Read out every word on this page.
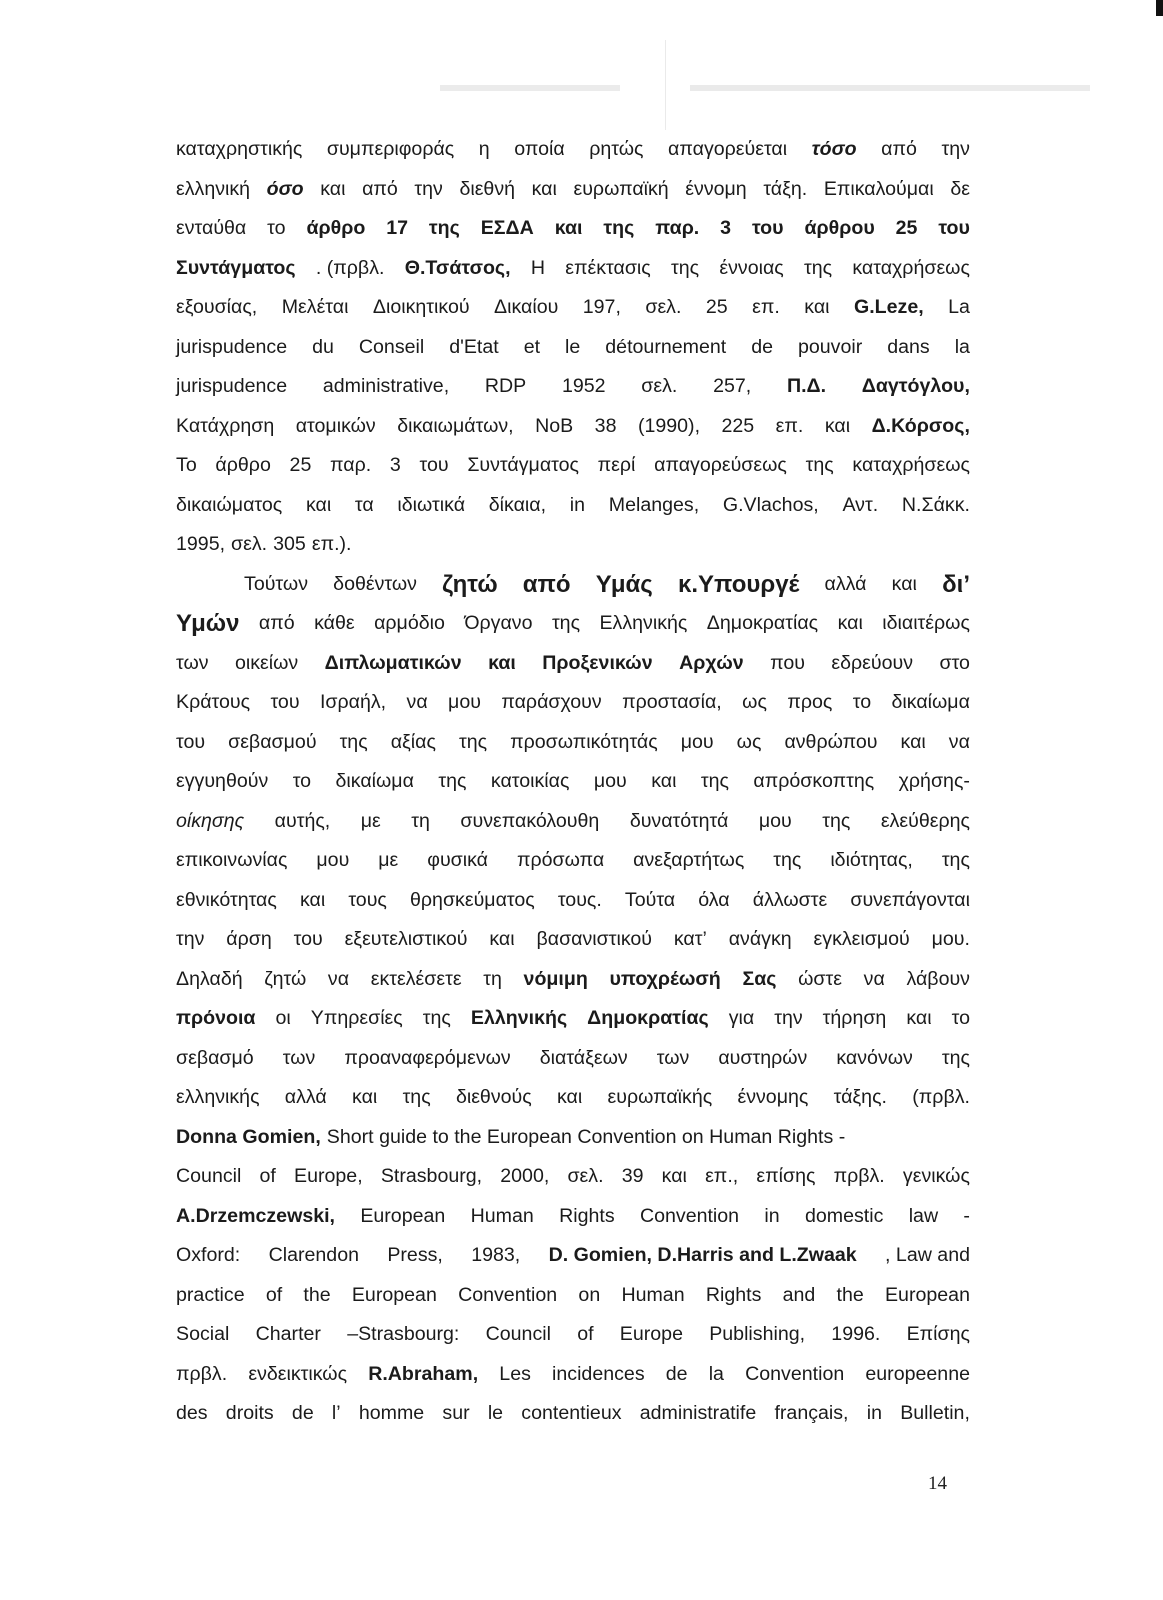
καταχρηστικής συμπεριφοράς η οποία ρητώς απαγορεύεται τόσο από την
ελληνική όσο και από την διεθνή και ευρωπαϊκή έννομη τάξη. Επικαλούμαι δε
ενταύθα το άρθρο 17 της ΕΣΔΑ και της παρ. 3 του άρθρου 25 του
Συντάγματος . (πρβλ. Θ.Τσάτσος, Η επέκτασις της έννοιας της καταχρήσεως
εξουσίας, Μελέται Διοικητικού Δικαίου 197, σελ. 25 επ. και G.Leze, La
jurispudence du Conseil d'Etat et le détournement de pouvoir dans la
jurispudence administrative, RDP 1952 σελ. 257, Π.Δ. Δαγτόγλου,
Κατάχρηση ατομικών δικαιωμάτων, ΝοΒ 38 (1990), 225 επ. και Δ.Κόρσος,
Το άρθρο 25 παρ. 3 του Συντάγματος περί απαγορεύσεως της καταχρήσεως
δικαιώματος και τα ιδιωτικά δίκαια, in Melanges, G.Vlachos, Αντ. Ν.Σάκκ.
1995, σελ. 305 επ.).
Τούτων δοθέντων ζητώ από Υμάς κ.Υπουργέ αλλά και δι’
Υμών από κάθε αρμόδιο Όργανο της Ελληνικής Δημοκρατίας και ιδιαιτέρως
των οικείων Διπλωματικών και Προξενικών Αρχών που εδρεύουν στο
Κράτους του Ισραήλ, να μου παράσχουν προστασία, ως προς το δικαίωμα
του σεβασμού της αξίας της προσωπικότητάς μου ως ανθρώπου και να
εγγυηθούν το δικαίωμα της κατοικίας μου και της απρόσκοπτης χρήσης-
οίκησης αυτής, με τη συνεπακόλουθη δυνατότητά μου της ελεύθερης
επικοινωνίας μου με φυσικά πρόσωπα ανεξαρτήτως της ιδιότητας, της
εθνικότητας και τους θρησκεύματος τους. Τούτα όλα άλλωστε συνεπάγονται
την άρση του εξευτελιστικού και βασανιστικού κατ’ ανάγκη εγκλεισμού μου.
Δηλαδή ζητώ να εκτελέσετε τη νόμιμη υποχρέωσή Σας ώστε να λάβουν
πρόνοια οι Υπηρεσίες της Ελληνικής Δημοκρατίας για την τήρηση και το
σεβασμό των προαναφερόμενων διατάξεων των αυστηρών κανόνων της
ελληνικής αλλά και της διεθνούς και ευρωπαϊκής έννομης τάξης. (πρβλ.
Donna Gomien, Short guide to the European Convention on Human Rights -
Council of Europe, Strasbourg, 2000, σελ. 39 και επ., επίσης πρβλ. γενικώς
A.Drzemczewski, European Human Rights Convention in domestic law -
Oxford: Clarendon Press, 1983, D. Gomien, D.Harris and L.Zwaak , Law and
practice of the European Convention on Human Rights and the European
Social Charter –Strasbourg: Council of Europe Publishing, 1996. Επίσης
πρβλ. ενδεικτικώς R.Abraham, Les incidences de la Convention europeenne
des droits de l’ homme sur le contentieux administratife français, in Bulletin,
14
